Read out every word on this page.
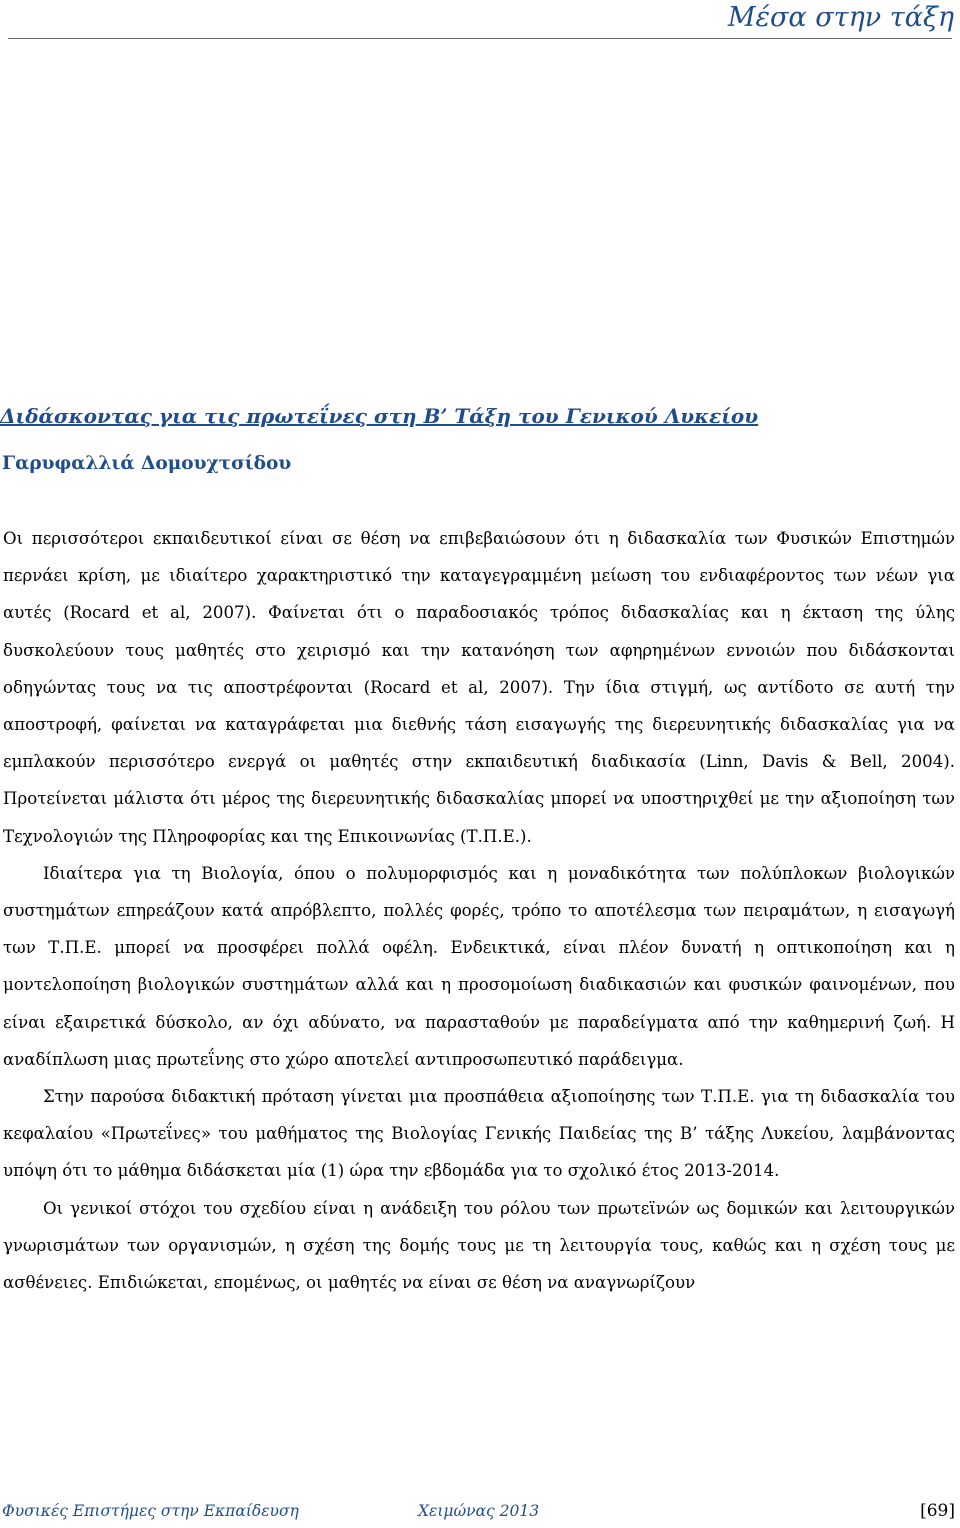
Μέσα στην τάξη
Διδάσκοντας για τις πρωτεΐνες στη Β’ Τάξη του Γενικού Λυκείου
Γαρυφαλλιά Δομουχτσίδου

Οι περισσότεροι εκπαιδευτικοί είναι σε θέση να επιβεβαιώσουν ότι η διδασκαλία των Φυσικών Επιστημών περνάει κρίση, με ιδιαίτερο χαρακτηριστικό την καταγεγραμμένη μείωση του ενδιαφέροντος των νέων για αυτές (Rocard et al, 2007). Φαίνεται ότι ο παραδοσιακός τρόπος διδασκαλίας και η έκταση της ύλης δυσκολεύουν τους μαθητές στο χειρισμό και την κατανόηση των αφηρημένων εννοιών που διδάσκονται οδηγώντας τους να τις αποστρέφονται (Rocard et al, 2007). Την ίδια στιγμή, ως αντίδοτο σε αυτή την αποστροφή, φαίνεται να καταγράφεται μια διεθνής τάση εισαγωγής της διερευνητικής διδασκαλίας για να εμπλακούν περισσότερο ενεργά οι μαθητές στην εκπαιδευτική διαδικασία (Linn, Davis & Bell, 2004). Προτείνεται μάλιστα ότι μέρος της διερευνητικής διδασκαλίας μπορεί να υποστηριχθεί με την αξιοποίηση των Τεχνολογιών της Πληροφορίας και της Επικοινωνίας (Τ.Π.Ε.).

Ιδιαίτερα για τη Βιολογία, όπου ο πολυμορφισμός και η μοναδικότητα των πολύπλοκων βιολογικών συστημάτων επηρεάζουν κατά απρόβλεπτο, πολλές φορές, τρόπο το αποτέλεσμα των πειραμάτων, η εισαγωγή των Τ.Π.Ε. μπορεί να προσφέρει πολλά οφέλη. Ενδεικτικά, είναι πλέον δυνατή η οπτικοποίηση και η μοντελοποίηση βιολογικών συστημάτων αλλά και η προσομοίωση διαδικασιών και φυσικών φαινομένων, που είναι εξαιρετικά δύσκολο, αν όχι αδύνατο, να παρασταθούν με παραδείγματα από την καθημερινή ζωή. Η αναδίπλωση μιας πρωτεΐνης στο χώρο αποτελεί αντιπροσωπευτικό παράδειγμα.

Στην παρούσα διδακτική πρόταση γίνεται μια προσπάθεια αξιοποίησης των Τ.Π.Ε. για τη διδασκαλία του κεφαλαίου «Πρωτεΐνες» του μαθήματος της Βιολογίας Γενικής Παιδείας της Β’ τάξης Λυκείου, λαμβάνοντας υπόψη ότι το μάθημα διδάσκεται μία (1) ώρα την εβδομάδα για το σχολικό έτος 2013-2014.

Οι γενικοί στόχοι του σχεδίου είναι η ανάδειξη του ρόλου των πρωτεϊνών ως δομικών και λειτουργικών γνωρισμάτων των οργανισμών, η σχέση της δομής τους με τη λειτουργία τους, καθώς και η σχέση τους με ασθένειες. Επιδιώκεται, επομένως, οι μαθητές να είναι σε θέση να αναγνωρίζουν

Φυσικές Επιστήμες στην Εκπαίδευση	Χειμώνας 2013	[69]
